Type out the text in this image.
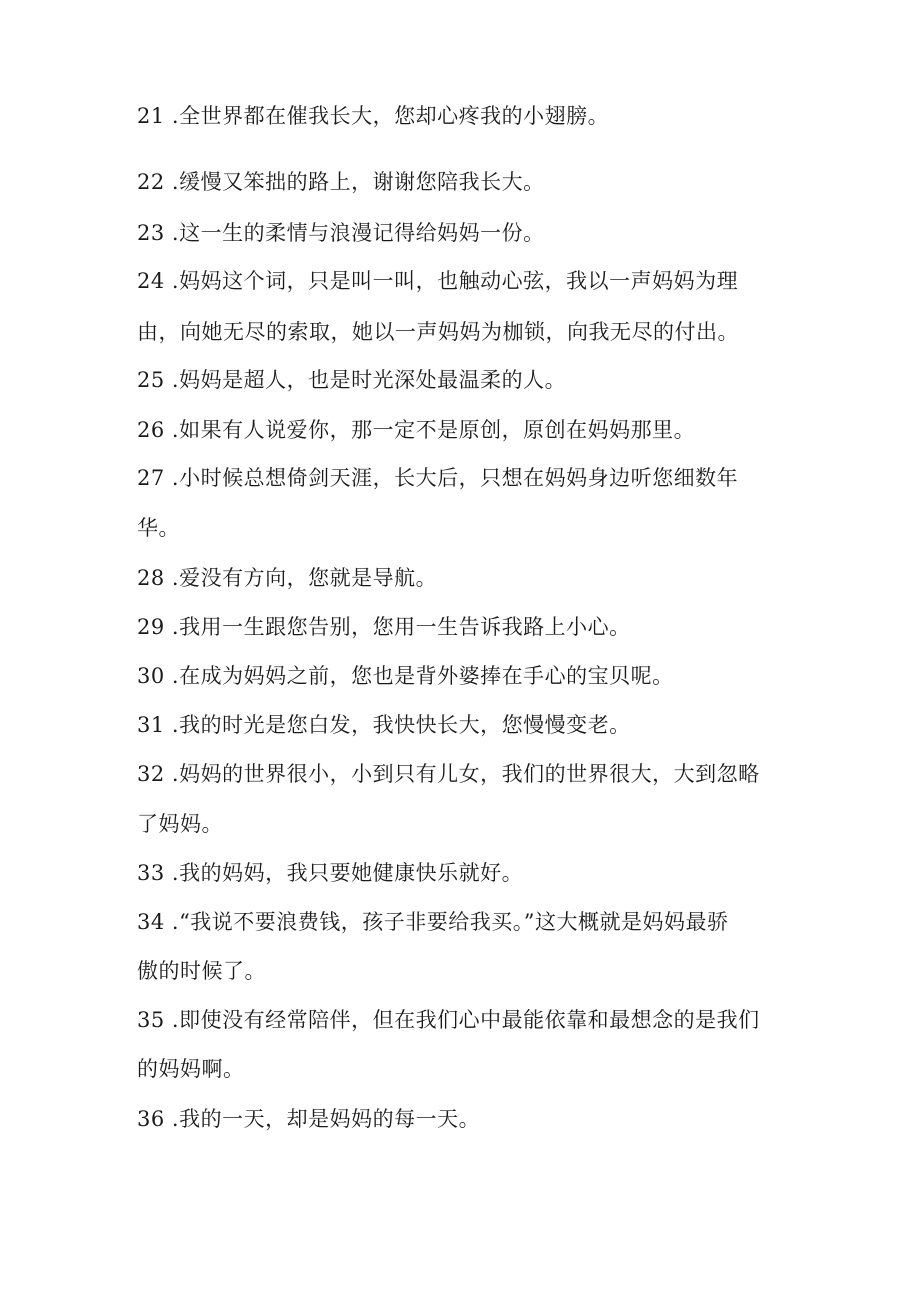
21 .全世界都在催我长大，您却心疼我的小翅膀。
22 .缓慢又笨拙的路上，谢谢您陪我长大。
23 .这一生的柔情与浪漫记得给妈妈一份。
24 .妈妈这个词，只是叫一叫，也触动心弦，我以一声妈妈为理
由，向她无尽的索取，她以一声妈妈为枷锁，向我无尽的付出。
25 .妈妈是超人，也是时光深处最温柔的人。
26 .如果有人说爱你，那一定不是原创，原创在妈妈那里。
27 .小时候总想倚剑天涯，长大后，只想在妈妈身边听您细数年
华。
28 .爱没有方向，您就是导航。
29 .我用一生跟您告别，您用一生告诉我路上小心。
30 .在成为妈妈之前，您也是背外婆捧在手心的宝贝呢。
31 .我的时光是您白发，我快快长大，您慢慢变老。
32 .妈妈的世界很小，小到只有儿女，我们的世界很大，大到忽略
了妈妈。
33 .我的妈妈，我只要她健康快乐就好。
34 .“我说不要浪费钱，孩子非要给我买。”这大概就是妈妈最骄
傲的时候了。
35 .即使没有经常陪伴，但在我们心中最能依靠和最想念的是我们
的妈妈啊。
36 .我的一天，却是妈妈的每一天。
